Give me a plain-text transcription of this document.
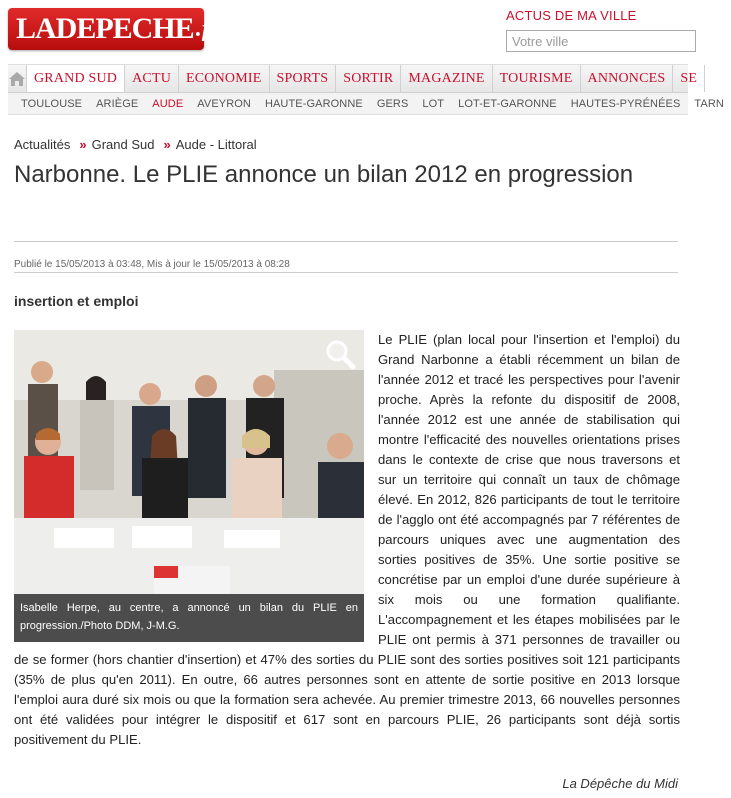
LADEPECHE .fr	ACTUS DE MA VILLE
Votre ville
GRAND SUD	ACTU	ECONOMIE	SPORTS	SORTIR	MAGAZINE	TOURISME	ANNONCES	SE
TOULOUSE	ARIÈGE	AUDE	AVEYRON	HAUTE-GARONNE	GERS	LOT	LOT-ET-GARONNE	HAUTES-PYRÉNÉES	TARN
Actualités » Grand Sud » Aude - Littoral
Narbonne. Le PLIE annonce un bilan 2012 en progression
Publié le 15/05/2013 à 03:48, Mis à jour le 15/05/2013 à 08:28
insertion et emploi
Isabelle Herpe, au centre, a annoncé un bilan du PLIE en progression./Photo DDM, J-M.G.

Le PLIE (plan local pour l'insertion et l'emploi) du Grand Narbonne a établi récemment un bilan de l'année 2012 et tracé les perspectives pour l'avenir proche. Après la refonte du dispositif de 2008, l'année 2012 est une année de stabilisation qui montre l'efficacité des nouvelles orientations prises dans le contexte de crise que nous traversons et sur un territoire qui connaît un taux de chômage élevé. En 2012, 826 participants de tout le territoire de l'agglo ont été accompagnés par 7 référentes de parcours uniques avec une augmentation des sorties positives de 35%. Une sortie positive se concrétise par un emploi d'une durée supérieure à six mois ou une formation qualifiante. L'accompagnement et les étapes mobilisées par le PLIE ont permis à 371 personnes de travailler ou de se former (hors chantier d'insertion) et 47% des sorties du PLIE sont des sorties positives soit 121 participants (35% de plus qu'en 2011). En outre, 66 autres personnes sont en attente de sortie positive en 2013 lorsque l'emploi aura duré six mois ou que la formation sera achevée. Au premier trimestre 2013, 66 nouvelles personnes ont été validées pour intégrer le dispositif et 617 sont en parcours PLIE, 26 participants sont déjà sortis positivement du PLIE.

La Dépêche du Midi
